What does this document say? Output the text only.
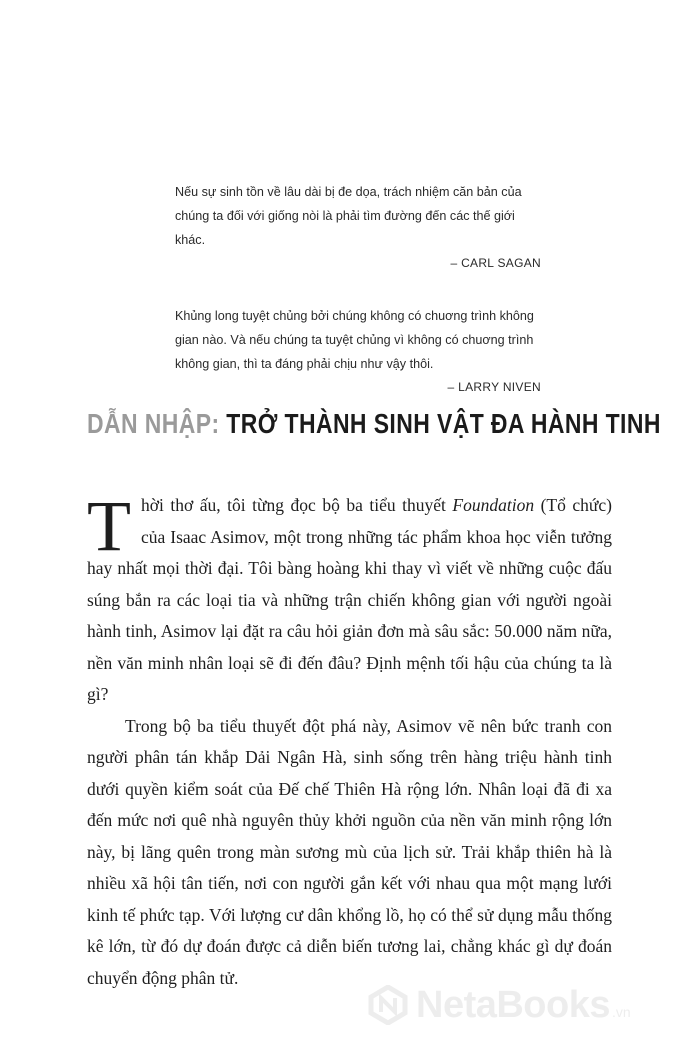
Nếu sự sinh tồn về lâu dài bị đe dọa, trách nhiệm căn bản của chúng ta đối với giống nòi là phải tìm đường đến các thế giới khác.

– CARL SAGAN

Khủng long tuyệt chủng bởi chúng không có chuơng trình không gian nào. Và nếu chúng ta tuyệt chủng vì không có chuơng trình không gian, thì ta đáng phải chịu như vậy thôi.

– LARRY NIVEN

DẪN NHẬP: TRỞ THÀNH SINH VẬT ĐA HÀNH TINH

Thời thơ ấu, tôi từng đọc bộ ba tiểu thuyết Foundation (Tổ chức) của Isaac Asimov, một trong những tác phẩm khoa học viễn tưởng hay nhất mọi thời đại. Tôi bàng hoàng khi thay vì viết về những cuộc đấu súng bắn ra các loại tia và những trận chiến không gian với người ngoài hành tinh, Asimov lại đặt ra câu hỏi giản đơn mà sâu sắc: 50.000 năm nữa, nền văn minh nhân loại sẽ đi đến đâu? Định mệnh tối hậu của chúng ta là gì?

Trong bộ ba tiểu thuyết đột phá này, Asimov vẽ nên bức tranh con người phân tán khắp Dải Ngân Hà, sinh sống trên hàng triệu hành tinh dưới quyền kiểm soát của Đế chế Thiên Hà rộng lớn. Nhân loại đã đi xa đến mức nơi quê nhà nguyên thủy khởi nguồn của nền văn minh rộng lớn này, bị lãng quên trong màn sương mù của lịch sử. Trải khắp thiên hà là nhiều xã hội tân tiến, nơi con người gắn kết với nhau qua một mạng lưới kinh tế phức tạp. Với lượng cư dân khổng lồ, họ có thể sử dụng mẫu thống kê lớn, từ đó dự đoán được cả diễn biến tương lai, chẳng khác gì dự đoán chuyển động phân tử.

NetaBooks .vn
